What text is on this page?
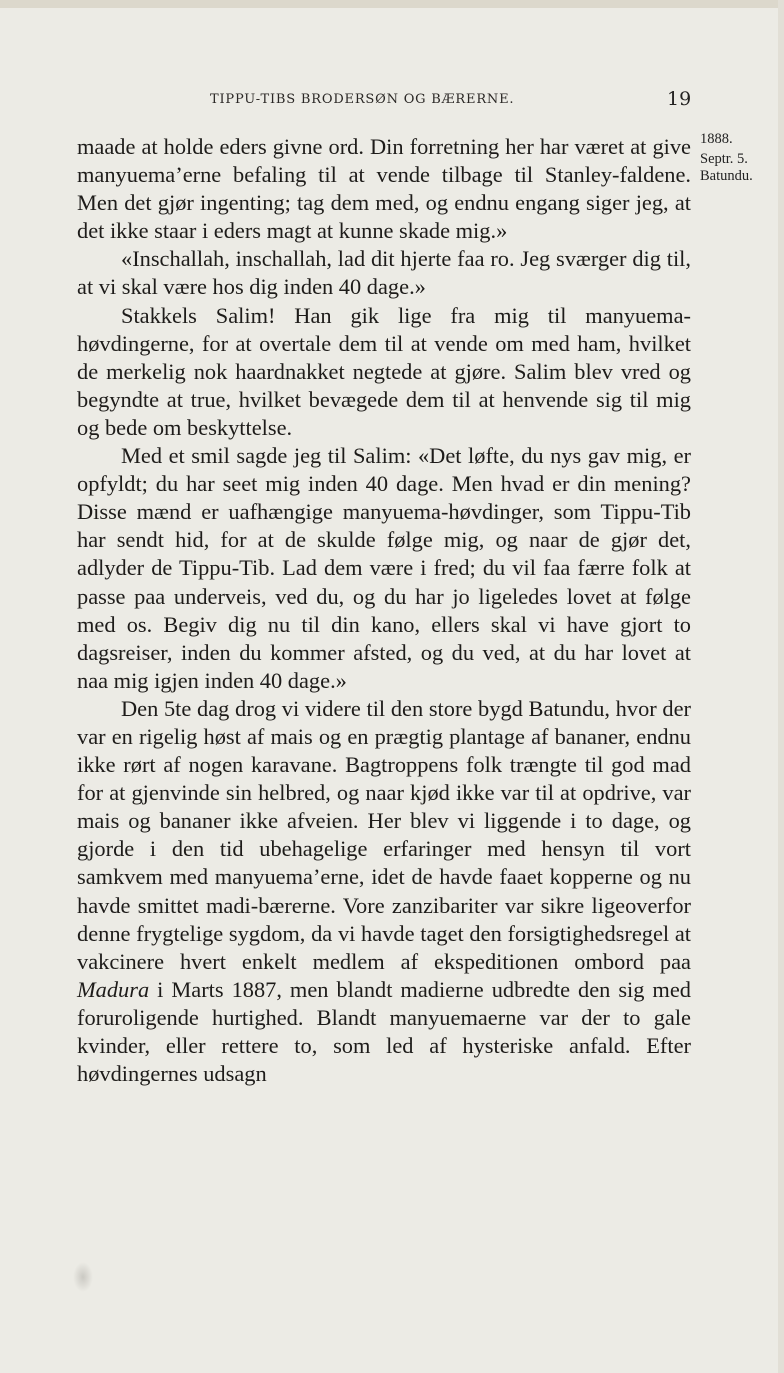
TIPPU-TIBS BRODERSØN OG BÆRERNE.	19
1888.
Septr. 5.
Batundu.

maade at holde eders givne ord. Din forretning her har været at give manyuema’erne befaling til at vende tilbage til Stanley-faldene. Men det gjør ingenting; tag dem med, og endnu engang siger jeg, at det ikke staar i eders magt at kunne skade mig.»

«Inschallah, inschallah, lad dit hjerte faa ro. Jeg sværger dig til, at vi skal være hos dig inden 40 dage.»

Stakkels Salim! Han gik lige fra mig til manyuema-høvdingerne, for at overtale dem til at vende om med ham, hvilket de merkelig nok haardnakket negtede at gjøre. Salim blev vred og begyndte at true, hvilket bevægede dem til at henvende sig til mig og bede om beskyttelse.

Med et smil sagde jeg til Salim: «Det løfte, du nys gav mig, er opfyldt; du har seet mig inden 40 dage. Men hvad er din mening? Disse mænd er uafhængige manyuema-høvdinger, som Tippu-Tib har sendt hid, for at de skulde følge mig, og naar de gjør det, adlyder de Tippu-Tib. Lad dem være i fred; du vil faa færre folk at passe paa underveis, ved du, og du har jo ligeledes lovet at følge med os. Begiv dig nu til din kano, ellers skal vi have gjort to dagsreiser, inden du kommer afsted, og du ved, at du har lovet at naa mig igjen inden 40 dage.»

Den 5te dag drog vi videre til den store bygd Batundu, hvor der var en rigelig høst af mais og en prægtig plantage af bananer, endnu ikke rørt af nogen karavane. Bagtroppens folk trængte til god mad for at gjenvinde sin helbred, og naar kjød ikke var til at opdrive, var mais og bananer ikke afveien. Her blev vi liggende i to dage, og gjorde i den tid ubehagelige erfaringer med hensyn til vort samkvem med manyuema’erne, idet de havde faaet kopperne og nu havde smittet madi-bærerne. Vore zanzibariter var sikre ligeoverfor denne frygtelige sygdom, da vi havde taget den forsigtighedsregel at vakcinere hvert enkelt medlem af ekspeditionen ombord paa Madura i Marts 1887, men blandt madierne udbredte den sig med foruroligende hurtighed. Blandt manyuemaerne var der to gale kvinder, eller rettere to, som led af hysteriske anfald. Efter høvdingernes udsagn
